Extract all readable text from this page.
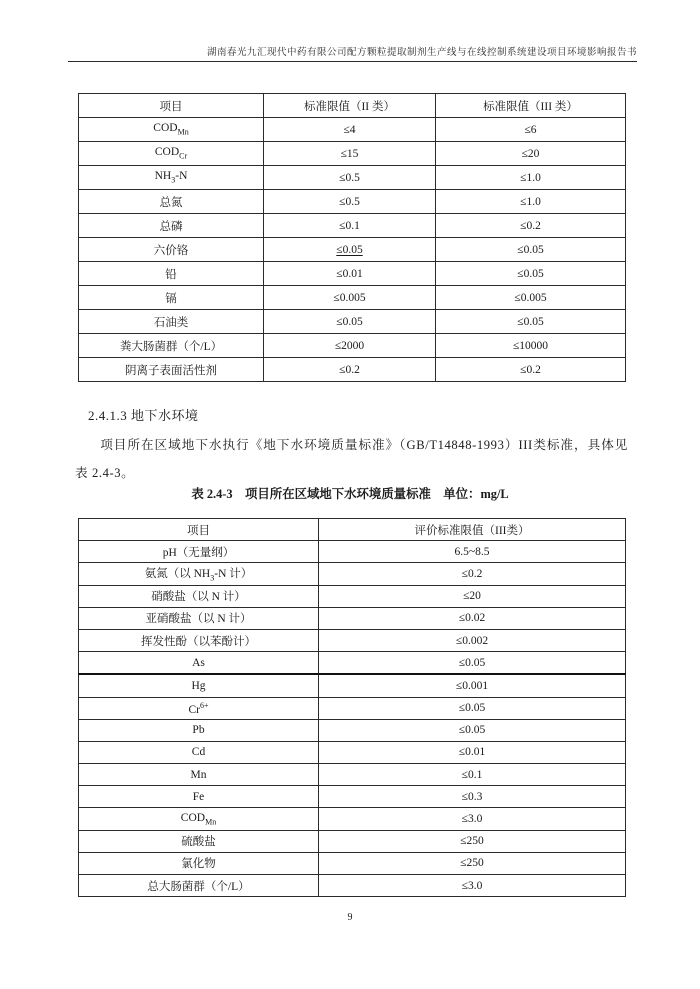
湖南春光九汇现代中药有限公司配方颗粒提取制剂生产线与在线控制系统建设项目环境影响报告书
项目	标准限值（II 类）	标准限值（III 类）
$COD_{Mn}$	≤4	≤6
$COD_{Cr}$	≤15	≤20
$NH_3-N$	≤0.5	≤1.0
总氮	≤0.5	≤1.0
总磷	≤0.1	≤0.2
六价铬	≤0.05	≤0.05
铅	≤0.01	≤0.05
镉	≤0.005	≤0.005
石油类	≤0.05	≤0.05
粪大肠菌群（个/L）	≤2000	≤10000
阴离子表面活性剂	≤0.2	≤0.2
2.4.1.3 地下水环境
项目所在区域地下水执行《地下水环境质量标准》（GB/T14848-1993）III类标准，具体见表 2.4-3。
表 2.4-3　项目所在区域地下水环境质量标准　单位：mg/L
项目	评价标准限值（III类）
pH（无量纲）	6.5~8.5
氨氮（以 $NH_3-N$ 计）	≤0.2
硝酸盐（以 N 计）	≤20
亚硝酸盐（以 N 计）	≤0.02
挥发性酚（以苯酚计）	≤0.002
As	≤0.05
Hg	≤0.001
$Cr^{6+}$	≤0.05
Pb	≤0.05
Cd	≤0.01
Mn	≤0.1
Fe	≤0.3
$COD_{Mn}$	≤3.0
硫酸盐	≤250
氯化物	≤250
总大肠菌群（个/L）	≤3.0
9
